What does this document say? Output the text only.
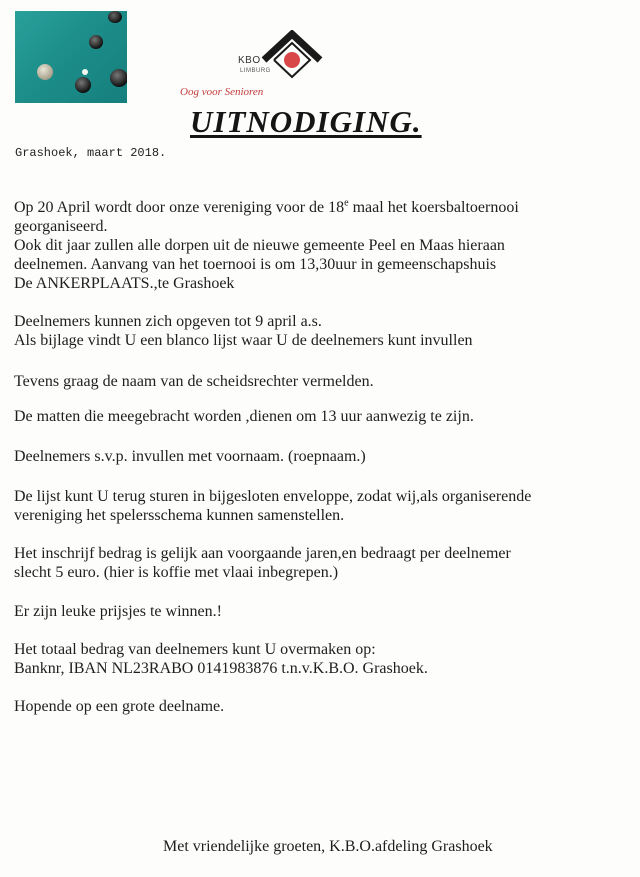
KBO
LIMBURG
Oog voor Senioren
UITNODIGING.
Grashoek, maart 2018.
Op 20 April wordt door onze vereniging voor de 18e maal het koersbaltoernooi
georganiseerd.
Ook dit jaar zullen alle dorpen uit de nieuwe gemeente Peel en Maas hieraan
deelnemen. Aanvang van het toernooi is om 13,30uur in gemeenschapshuis
De ANKERPLAATS.,te Grashoek
Deelnemers kunnen zich opgeven tot 9 april a.s.
Als bijlage vindt U een blanco lijst waar U de deelnemers kunt invullen
Tevens graag de naam van de scheidsrechter vermelden.
De matten die meegebracht worden ,dienen om 13 uur aanwezig te zijn.
Deelnemers s.v.p. invullen met voornaam. (roepnaam.)
De lijst kunt U terug sturen in bijgesloten enveloppe, zodat wij,als organiserende
vereniging het spelersschema kunnen samenstellen.
Het inschrijf bedrag is gelijk aan voorgaande jaren,en bedraagt per deelnemer
slecht 5 euro. (hier is koffie met vlaai inbegrepen.)
Er zijn leuke prijsjes te winnen.!
Het totaal bedrag van deelnemers kunt U overmaken op:
Banknr, IBAN NL23RABO 0141983876 t.n.v.K.B.O. Grashoek.
Hopende op een grote deelname.
Met vriendelijke groeten, K.B.O.afdeling Grashoek
